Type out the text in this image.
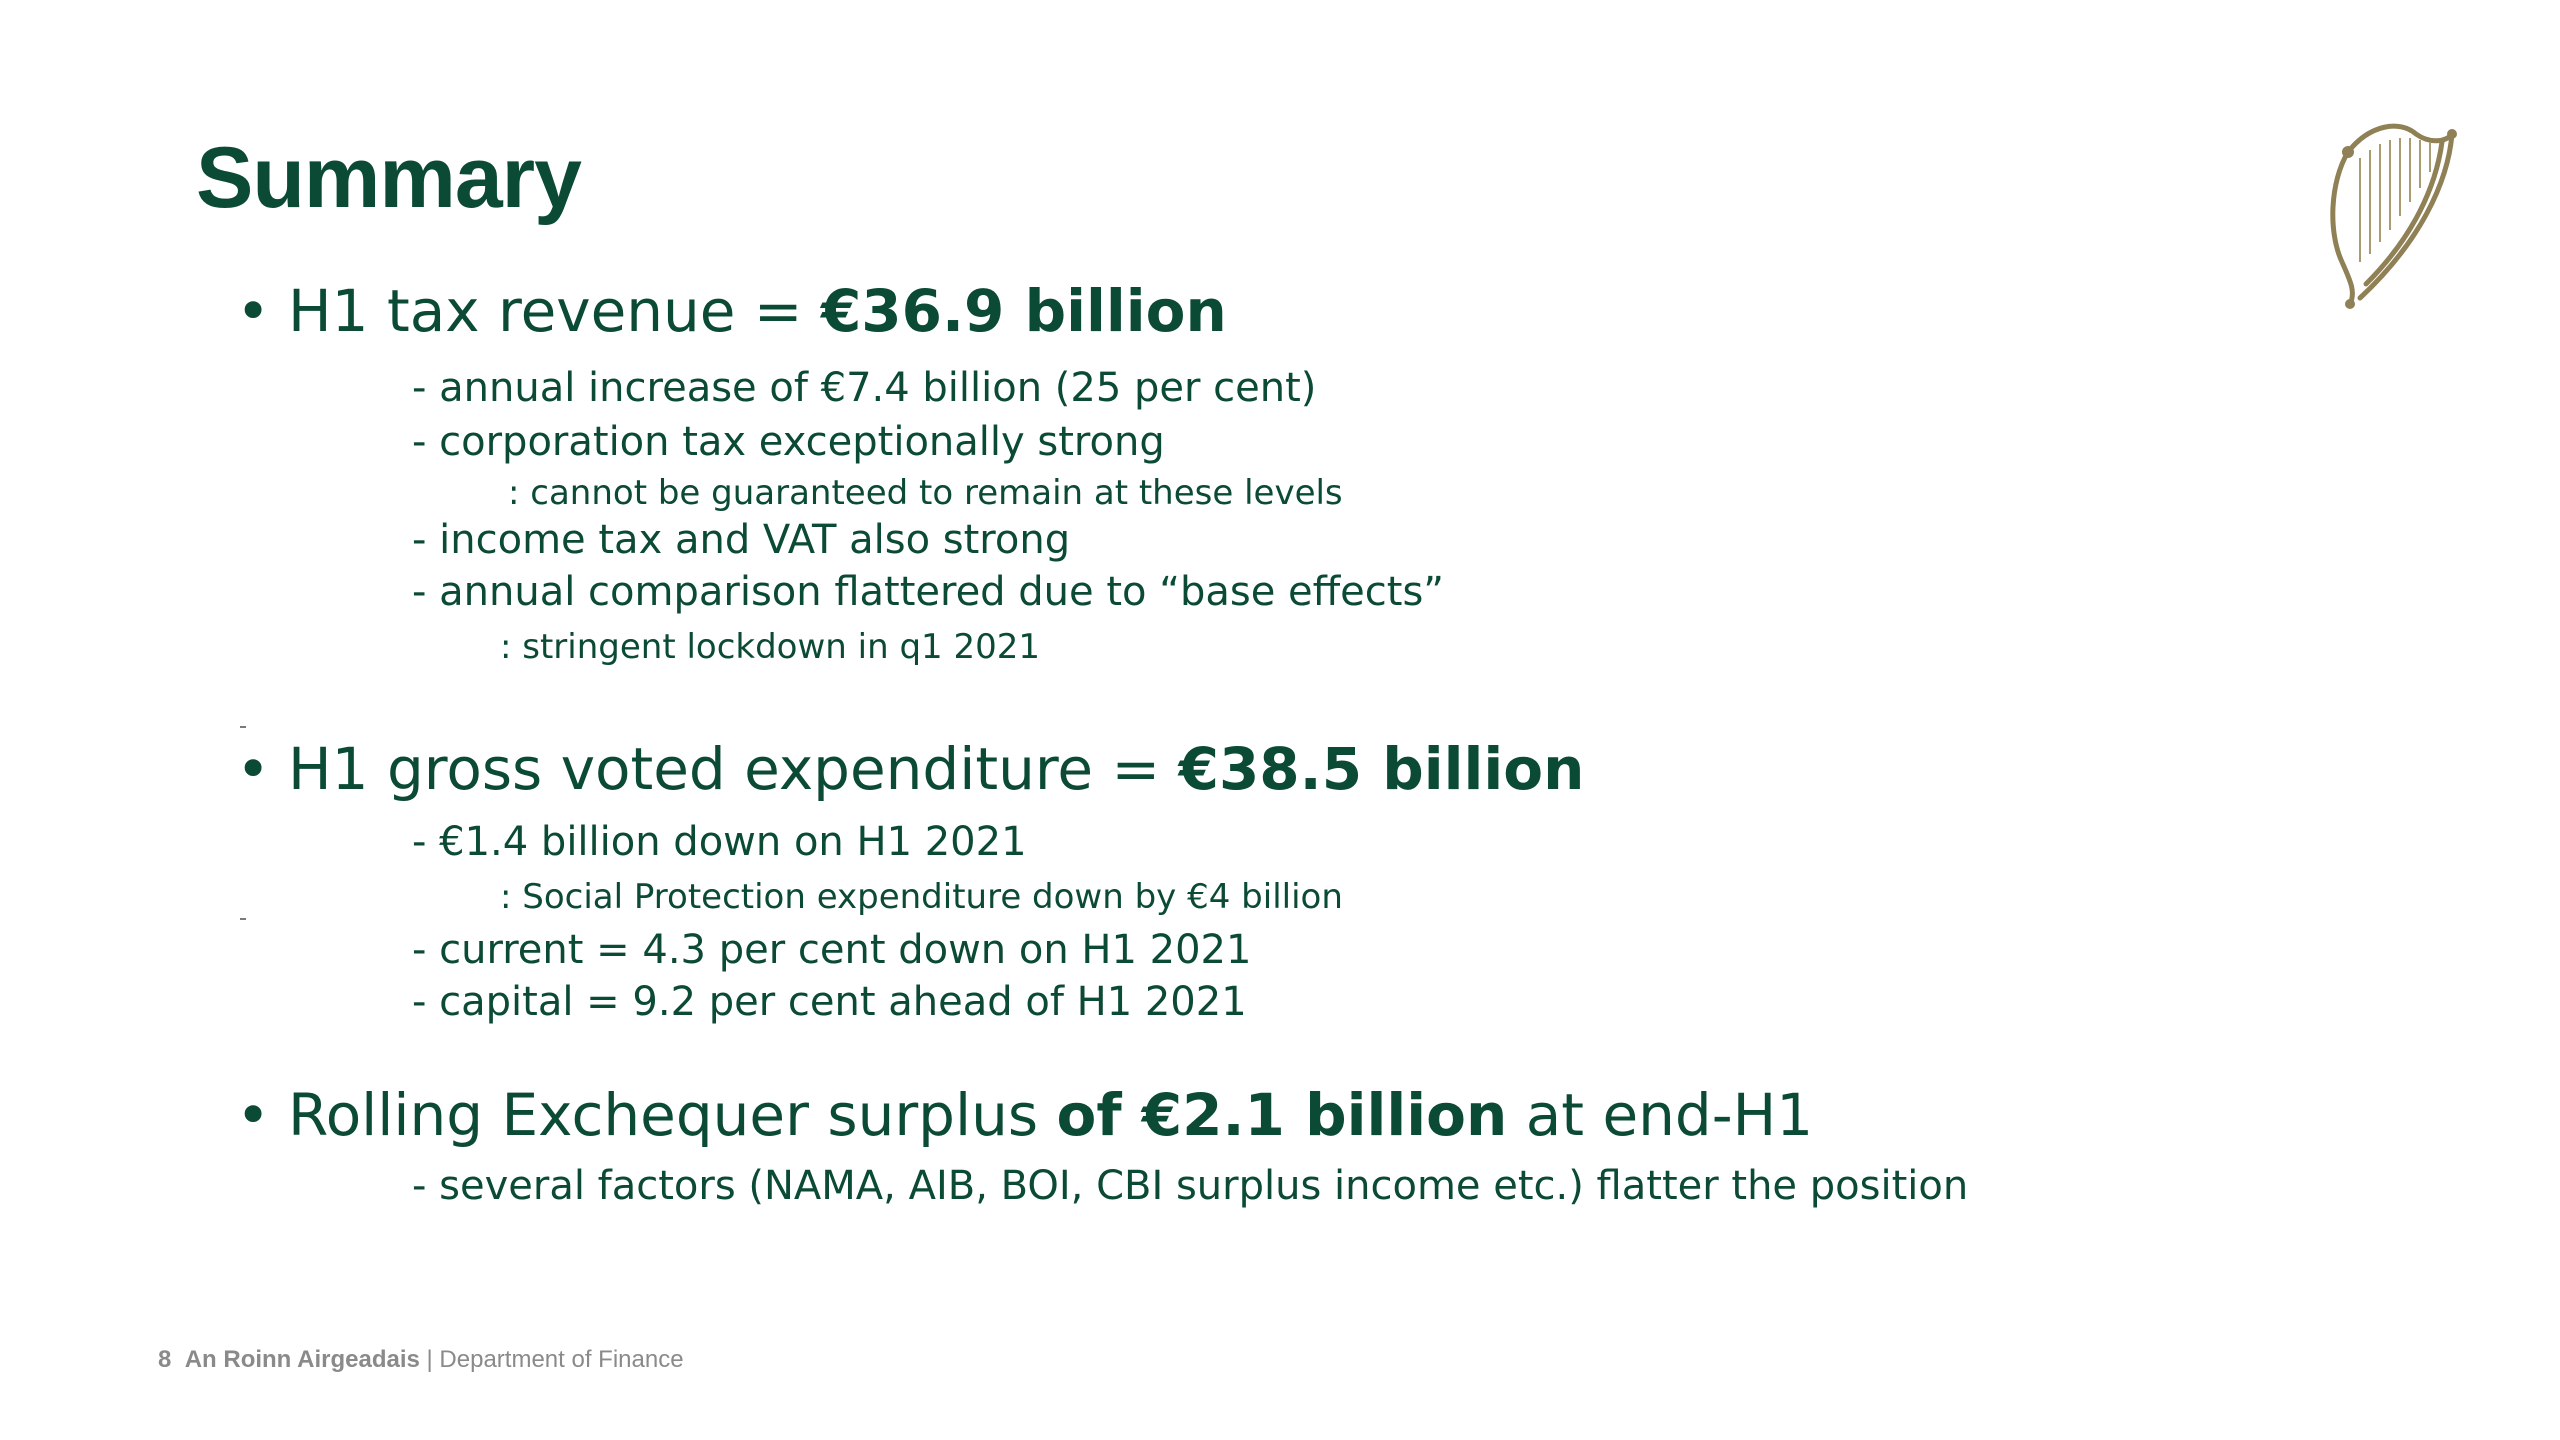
Summary
• H1 tax revenue = €36.9 billion
- annual increase of €7.4 billion (25 per cent)
- corporation tax exceptionally strong
: cannot be guaranteed to remain at these levels
- income tax and VAT also strong
- annual comparison flattered due to “base effects”
: stringent lockdown in q1 2021
• H1 gross voted expenditure = €38.5 billion
- €1.4 billion down on H1 2021
: Social Protection expenditure down by €4 billion
- current = 4.3 per cent down on H1 2021
- capital = 9.2 per cent ahead of H1 2021
• Rolling Exchequer surplus of €2.1 billion at end-H1
- several factors (NAMA, AIB, BOI, CBI surplus income etc.) flatter the position
8 An Roinn Airgeadais | Department of Finance
